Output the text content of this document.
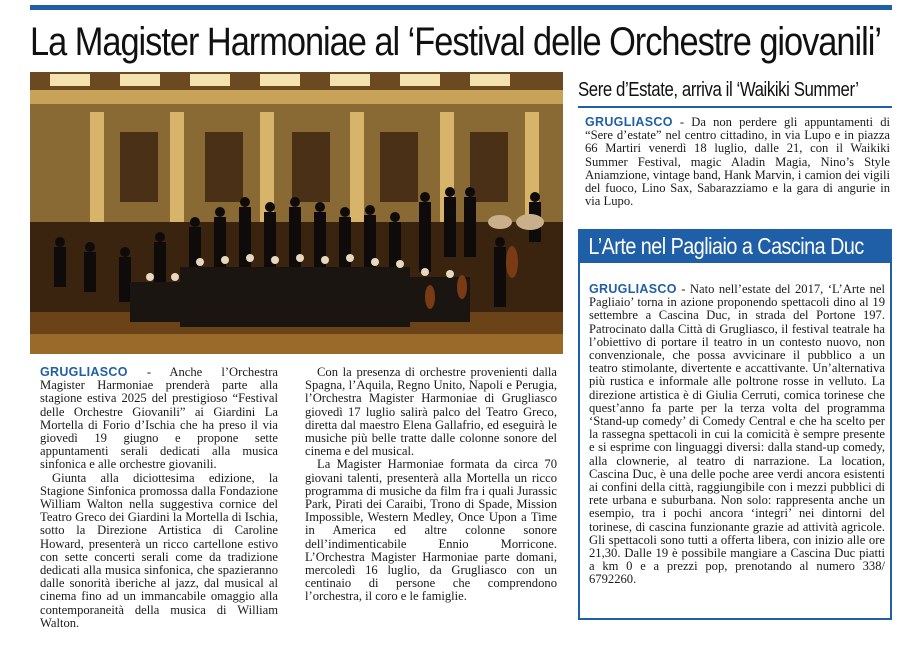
La Magister Harmoniae al ‘Festival delle Orchestre giovanili’

GRUGLIASCO - Anche l’Orchestra Magister Harmoniae prenderà parte alla stagione estiva 2025 del prestigioso “Festival delle Orchestre Giovanili” ai Giardini La Mortella di Forio d’Ischia che ha preso il via giovedì 19 giugno e propone sette appuntamenti serali dedicati alla musica sinfonica e alle orchestre giovanili.

Giunta alla diciottesima edizione, la Stagione Sinfonica promossa dalla Fondazione William Walton nella suggestiva cornice del Teatro Greco dei Giardini la Mortella di Ischia, sotto la Direzione Artistica di Caroline Howard, presenterà un ricco cartellone estivo con sette concerti serali come da tradizione dedicati alla musica sinfonica, che spazieranno dalle sonorità iberiche al jazz, dal musical al cinema fino ad un immancabile omaggio alla contemporaneità della musica di William Walton.

Con la presenza di orchestre provenienti dalla Spagna, l’Aquila, Regno Unito, Napoli e Perugia, l’Orchestra Magister Harmoniae di Grugliasco giovedì 17 luglio salirà palco del Teatro Greco, diretta dal maestro Elena Gallafrio, ed eseguirà le musiche più belle tratte dalle colonne sonore del cinema e del musical.

La Magister Harmoniae formata da circa 70 giovani talenti, presenterà alla Mortella un ricco programma di musiche da film fra i quali Jurassic Park, Pirati dei Caraibi, Trono di Spade, Mission Impossible, Western Medley, Once Upon a Time in America ed altre colonne sonore dell’indimenticabile Ennio Morricone. L’Orchestra Magister Harmoniae parte domani, mercoledì 16 luglio, da Grugliasco con un centinaio di persone che comprendono l’orchestra, il coro e le famiglie.

Sere d’Estate, arriva il ‘Waikiki Summer’

GRUGLIASCO - Da non perdere gli appuntamenti di “Sere d’estate” nel centro cittadino, in via Lupo e in piazza 66 Martiri venerdì 18 luglio, dalle 21, con il Waikiki Summer Festival, magic Aladin Magia, Nino’s Style Aniamzione, vintage band, Hank Marvin, i camion dei vigili del fuoco, Lino Sax, Sabarazziamo e la gara di angurie in via Lupo.

L’Arte nel Pagliaio a Cascina Duc

GRUGLIASCO - Nato nell’estate del 2017, ‘L’Arte nel Pagliaio’ torna in azione proponendo spettacoli dino al 19 settembre a Cascina Duc, in strada del Portone 197. Patrocinato dalla Città di Grugliasco, il festival teatrale ha l’obiettivo di portare il teatro in un contesto nuovo, non convenzionale, che possa avvicinare il pubblico a un teatro stimolante, divertente e accattivante. Un’alternativa più rustica e informale alle poltrone rosse in velluto. La direzione artistica è di Giulia Cerruti, comica torinese che quest’anno fa parte per la terza volta del programma ‘Stand-up comedy’ di Comedy Central e che ha scelto per la rassegna spettacoli in cui la comicità è sempre presente e si esprime con linguaggi diversi: dalla stand-up comedy, alla clownerie, al teatro di narrazione. La location, Cascina Duc, è una delle poche aree verdi ancora esistenti ai confini della città, raggiungibile con i mezzi pubblici di rete urbana e suburbana. Non solo: rappresenta anche un esempio, tra i pochi ancora ‘integri’ nei dintorni del torinese, di cascina funzionante grazie ad attività agricole. Gli spettacoli sono tutti a offerta libera, con inizio alle ore 21,30. Dalle 19 è possibile mangiare a Cascina Duc piatti a km 0 e a prezzi pop, prenotando al numero 338/ 6792260.
